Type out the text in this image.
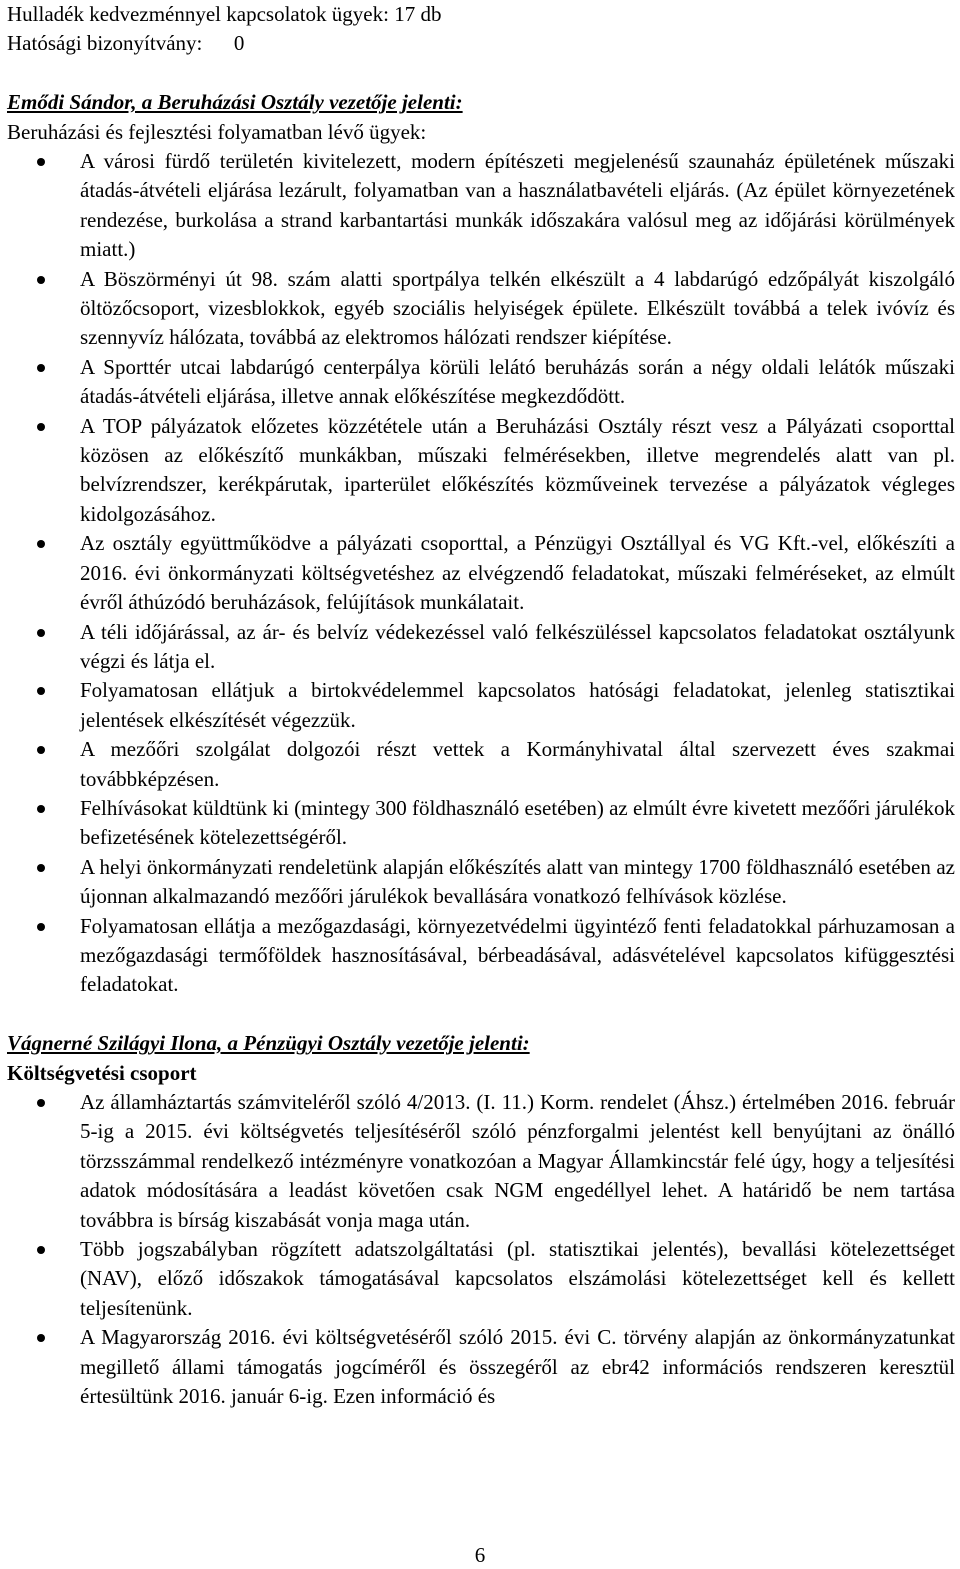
Hulladék kedvezménnyel kapcsolatok ügyek: 17 db
Hatósági bizonyítvány:      0

Emődi Sándor, a Beruházási Osztály vezetője jelenti:

Beruházási és fejlesztési folyamatban lévő ügyek:

A városi fürdő területén kivitelezett, modern építészeti megjelenésű szaunaház épületének műszaki átadás-átvételi eljárása lezárult, folyamatban van a használatbavételi eljárás. (Az épület környezetének rendezése, burkolása a strand karbantartási munkák időszakára valósul meg az időjárási körülmények miatt.)
A Böszörményi út 98. szám alatti sportpálya telkén elkészült a 4 labdarúgó edzőpályát kiszolgáló öltözőcsoport, vizesblokkok, egyéb szociális helyiségek épülete. Elkészült továbbá a telek ivóvíz és szennyvíz hálózata, továbbá az elektromos hálózati rendszer kiépítése.
A Sporttér utcai labdarúgó centerpálya körüli lelátó beruházás során a négy oldali lelátók műszaki átadás-átvételi eljárása, illetve annak előkészítése megkezdődött.
A TOP pályázatok előzetes közzététele után a Beruházási Osztály részt vesz a Pályázati csoporttal közösen az előkészítő munkákban, műszaki felmérésekben, illetve megrendelés alatt van pl. belvízrendszer, kerékpárutak, iparterület előkészítés közműveinek tervezése a pályázatok végleges kidolgozásához.
Az osztály együttműködve a pályázati csoporttal, a Pénzügyi Osztállyal és VG Kft.-vel, előkészíti a 2016. évi önkormányzati költségvetéshez az elvégzendő feladatokat, műszaki felméréseket, az elmúlt évről áthúzódó beruházások, felújítások munkálatait.
A téli időjárással, az ár- és belvíz védekezéssel való felkészüléssel kapcsolatos feladatokat osztályunk végzi és látja el.
Folyamatosan ellátjuk a birtokvédelemmel kapcsolatos hatósági feladatokat, jelenleg statisztikai jelentések elkészítését végezzük.
A mezőőri szolgálat dolgozói részt vettek a Kormányhivatal által szervezett éves szakmai továbbképzésen.
Felhívásokat küldtünk ki (mintegy 300 földhasználó esetében) az elmúlt évre kivetett mezőőri járulékok befizetésének kötelezettségéről.
A helyi önkormányzati rendeletünk alapján előkészítés alatt van mintegy 1700 földhasználó esetében az újonnan alkalmazandó mezőőri járulékok bevallására vonatkozó felhívások közlése.
Folyamatosan ellátja a mezőgazdasági, környezetvédelmi ügyintéző fenti feladatokkal párhuzamosan a mezőgazdasági termőföldek hasznosításával, bérbeadásával, adásvételével kapcsolatos kifüggesztési feladatokat.

Vágnerné Szilágyi Ilona, a Pénzügyi Osztály vezetője jelenti:

Költségvetési csoport

Az államháztartás számviteléről szóló 4/2013. (I. 11.) Korm. rendelet (Áhsz.) értelmében 2016. február 5-ig a 2015. évi költségvetés teljesítéséről szóló pénzforgalmi jelentést kell benyújtani az önálló törzsszámmal rendelkező intézményre vonatkozóan a Magyar Államkincstár felé úgy, hogy a teljesítési adatok módosítására a leadást követően csak NGM engedéllyel lehet. A határidő be nem tartása továbbra is bírság kiszabását vonja maga után.
Több jogszabályban rögzített adatszolgáltatási (pl. statisztikai jelentés), bevallási kötelezettséget (NAV), előző időszakok támogatásával kapcsolatos elszámolási kötelezettséget kell és kellett teljesítenünk.
A Magyarország 2016. évi költségvetéséről szóló 2015. évi C. törvény alapján az önkormányzatunkat megillető állami támogatás jogcíméről és összegéről az ebr42 információs rendszeren keresztül értesültünk 2016. január 6-ig. Ezen információ és
6
